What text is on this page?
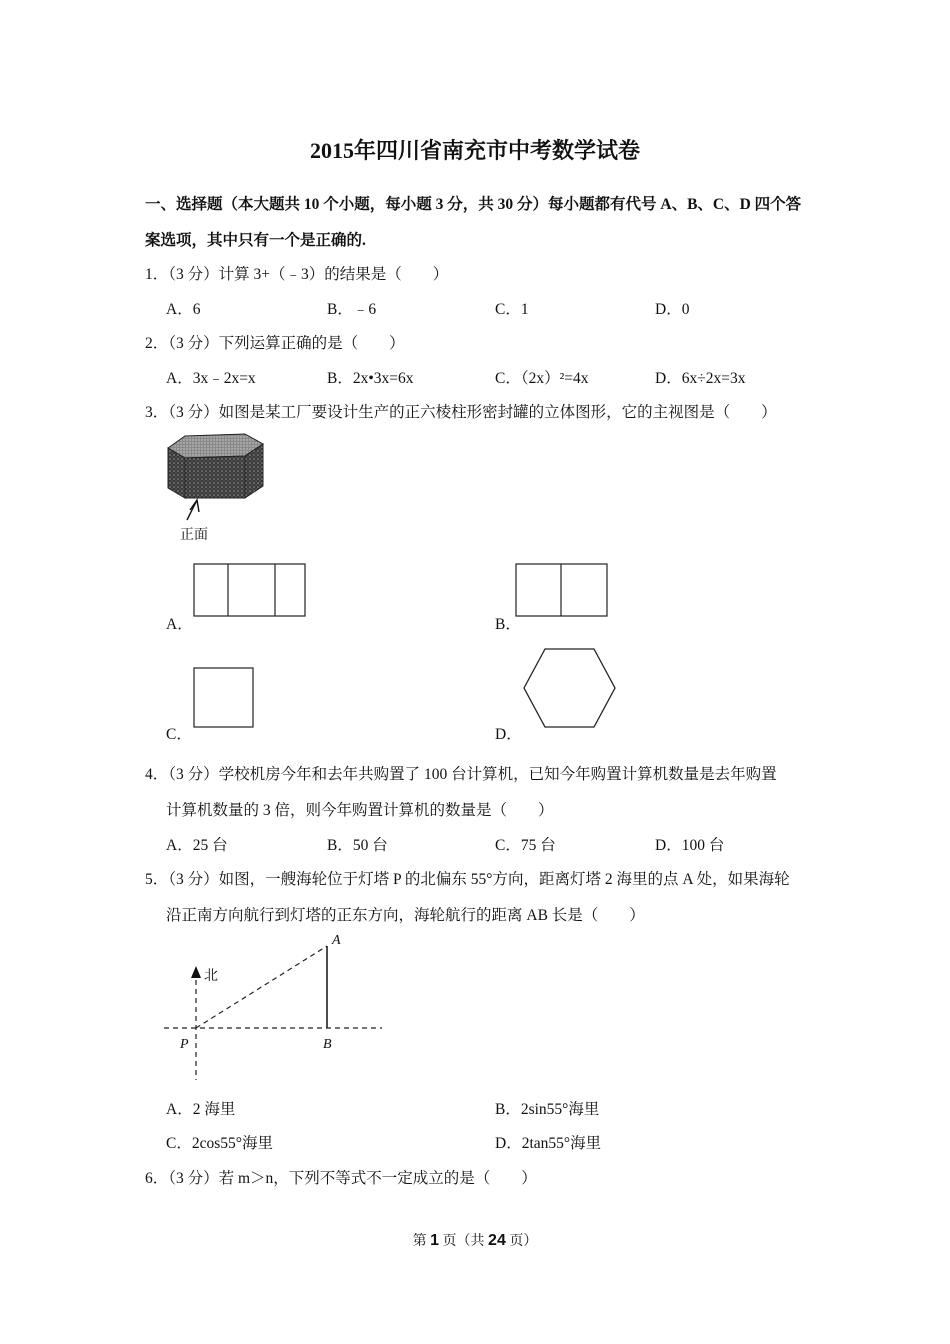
2015年四川省南充市中考数学试卷
一、选择题（本大题共 10 个小题，每小题 3 分，共 30 分）每小题都有代号 A、B、C、D 四个答
案选项，其中只有一个是正确的.
1．（3 分）计算 3+（﹣3）的结果是（　　）
A．6	B．﹣6	C．1	D．0
2．（3 分）下列运算正确的是（　　）
A．3x﹣2x=x	B．2x•3x=6x	C．（2x）²=4x	D．6x÷2x=3x
3．（3 分）如图是某工厂要设计生产的正六棱柱形密封罐的立体图形，它的主视图是（　　）
正面
A．	B．
C．	D．
4．（3 分）学校机房今年和去年共购置了 100 台计算机，已知今年购置计算机数量是去年购置
计算机数量的 3 倍，则今年购置计算机的数量是（　　）
A．25 台	B．50 台	C．75 台	D．100 台
5．（3 分）如图，一艘海轮位于灯塔 P 的北偏东 55°方向，距离灯塔 2 海里的点 A 处，如果海轮
沿正南方向航行到灯塔的正东方向，海轮航行的距离 AB 长是（　　）
北
A
B
P
A．2 海里	B．2sin55°海里
C．2cos55°海里	D．2tan55°海里
6．（3 分）若 m＞n，下列不等式不一定成立的是（　　）
第 1 页（共 24 页）
